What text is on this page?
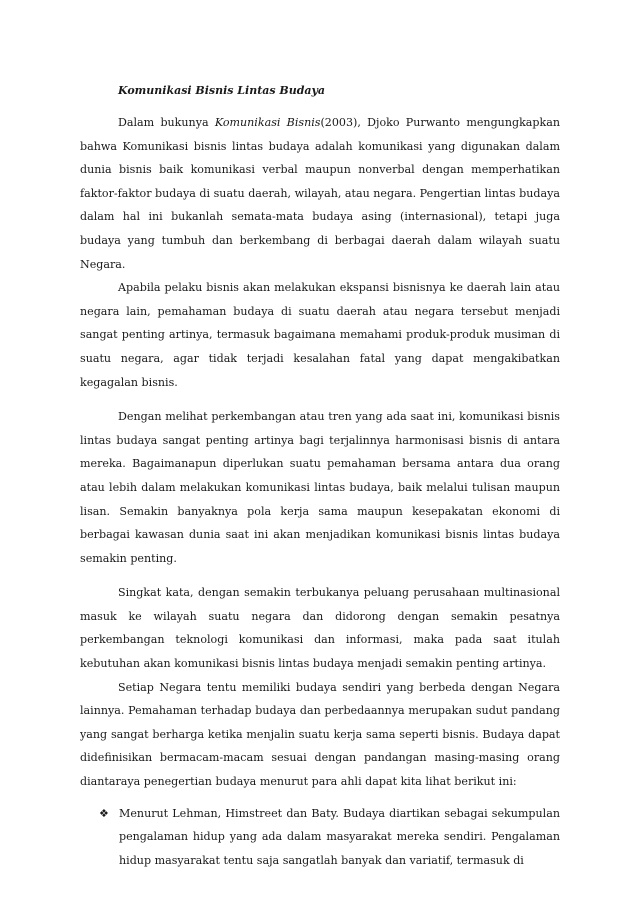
Komunikasi Bisnis Lintas Budaya

Dalam bukunya Komunikasi Bisnis(2003), Djoko Purwanto mengungkapkan bahwa Komunikasi bisnis lintas budaya adalah komunikasi yang digunakan dalam dunia bisnis baik komunikasi verbal maupun nonverbal dengan memperhatikan faktor-faktor budaya di suatu daerah, wilayah, atau negara. Pengertian lintas budaya dalam hal ini bukanlah semata-mata budaya asing (internasional), tetapi juga budaya yang tumbuh dan berkembang di berbagai daerah dalam wilayah suatu Negara.

Apabila pelaku bisnis akan melakukan ekspansi bisnisnya ke daerah lain atau negara lain, pemahaman budaya di suatu daerah atau negara tersebut menjadi sangat penting artinya, termasuk bagaimana memahami produk-produk musiman di suatu negara, agar tidak terjadi kesalahan fatal yang dapat mengakibatkan kegagalan bisnis.

Dengan melihat perkembangan atau tren yang ada saat ini, komunikasi bisnis lintas budaya sangat penting artinya bagi terjalinnya harmonisasi bisnis di antara mereka. Bagaimanapun diperlukan suatu pemahaman bersama antara dua orang atau lebih dalam melakukan komunikasi lintas budaya, baik melalui tulisan maupun lisan. Semakin banyaknya pola kerja sama maupun kesepakatan ekonomi di berbagai kawasan dunia saat ini akan menjadikan komunikasi bisnis lintas budaya semakin penting.

Singkat kata, dengan semakin terbukanya peluang perusahaan multinasional masuk ke wilayah suatu negara dan didorong dengan semakin pesatnya perkembangan teknologi komunikasi dan informasi, maka pada saat itulah kebutuhan akan komunikasi bisnis lintas budaya menjadi semakin penting artinya.

Setiap Negara tentu memiliki budaya sendiri yang berbeda dengan Negara lainnya. Pemahaman terhadap budaya dan perbedaannya merupakan sudut pandang yang sangat berharga ketika menjalin suatu kerja sama seperti bisnis. Budaya dapat didefinisikan bermacam-macam sesuai dengan pandangan masing-masing orang diantaraya penegertian budaya menurut para ahli dapat kita lihat berikut ini:

❖ Menurut Lehman, Himstreet dan Baty. Budaya diartikan sebagai sekumpulan pengalaman hidup yang ada dalam masyarakat mereka sendiri. Pengalaman hidup masyarakat tentu saja sangatlah banyak dan variatif, termasuk di
